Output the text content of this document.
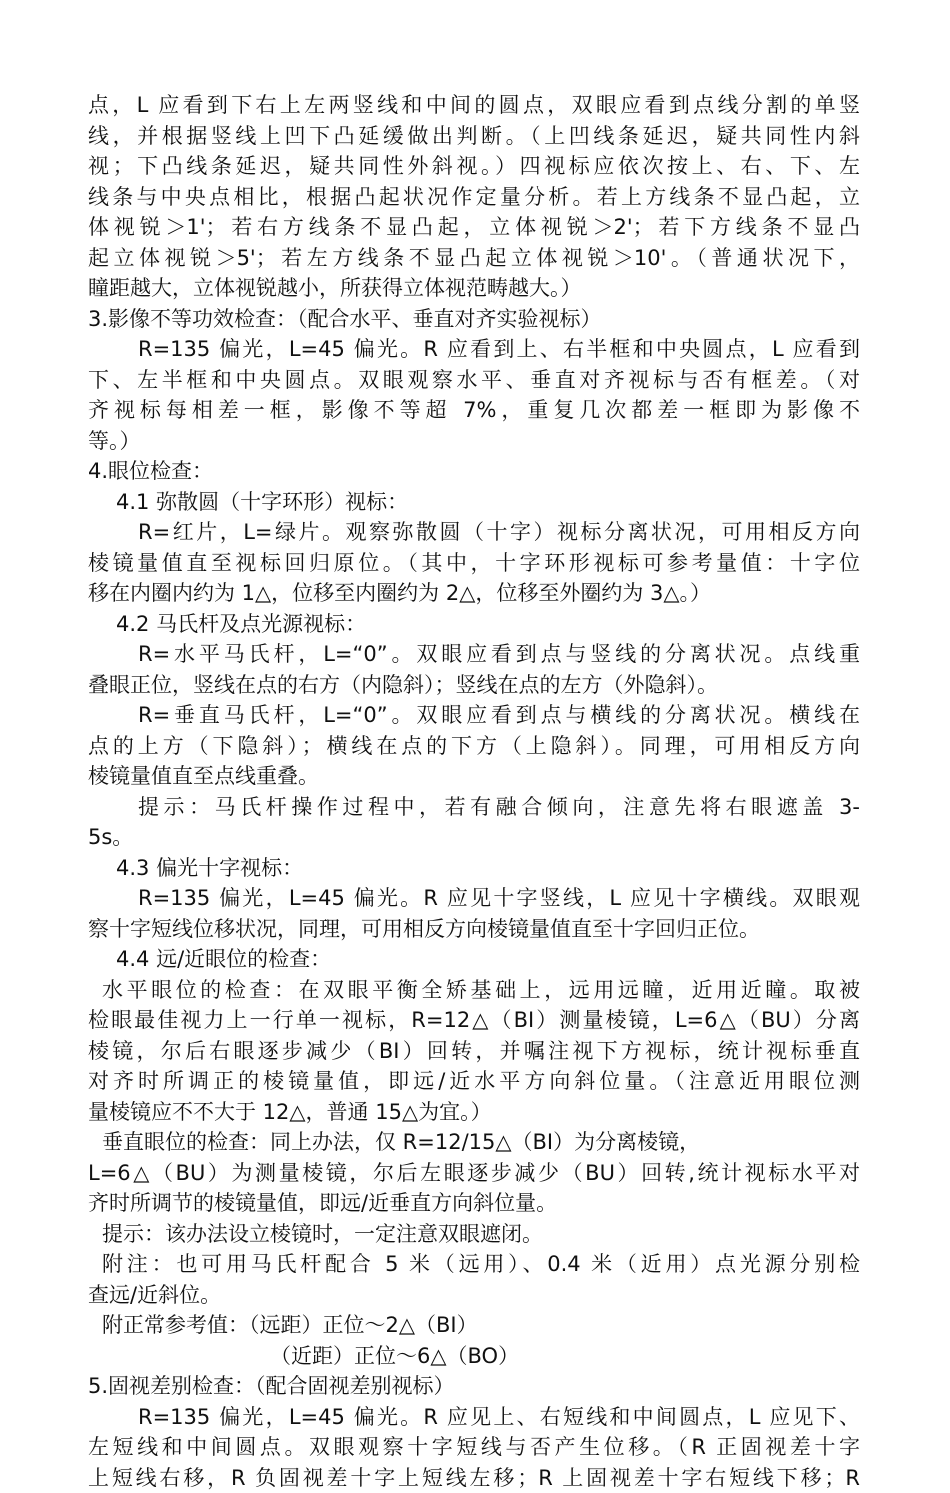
点，L 应看到下右上左两竖线和中间的圆点，双眼应看到点线分割的单竖
线，并根据竖线上凹下凸延缓做出判断。（上凹线条延迟，疑共同性内斜
视；下凸线条延迟，疑共同性外斜视。）四视标应依次按上、右、下、左
线条与中央点相比，根据凸起状况作定量分析。若上方线条不显凸起，立
体视锐＞1'；若右方线条不显凸起，立体视锐＞2'；若下方线条不显凸
起立体视锐＞5'；若左方线条不显凸起立体视锐＞10'。（普通状况下，
瞳距越大，立体视锐越小，所获得立体视范畴越大。）
3.影像不等功效检查：（配合水平、垂直对齐实验视标）
R=135 偏光，L=45 偏光。R 应看到上、右半框和中央圆点，L 应看到
下、左半框和中央圆点。双眼观察水平、垂直对齐视标与否有框差。（对
齐视标每相差一框，影像不等超 7%，重复几次都差一框即为影像不
等。）
4.眼位检查：
4.1 弥散圆（十字环形）视标：
R=红片，L=绿片。观察弥散圆（十字）视标分离状况，可用相反方向
棱镜量值直至视标回归原位。（其中，十字环形视标可参考量值：十字位
移在内圈内约为 1△，位移至内圈约为 2△，位移至外圈约为 3△。）
4.2 马氏杆及点光源视标：
R=水平马氏杆，L=“0”。双眼应看到点与竖线的分离状况。点线重
叠眼正位，竖线在点的右方（内隐斜）；竖线在点的左方（外隐斜）。
R=垂直马氏杆，L=“0”。双眼应看到点与横线的分离状况。横线在
点的上方（下隐斜）；横线在点的下方（上隐斜）。同理，可用相反方向
棱镜量值直至点线重叠。
提示：马氏杆操作过程中，若有融合倾向，注意先将右眼遮盖 3-
5s。
4.3 偏光十字视标：
R=135 偏光，L=45 偏光。R 应见十字竖线，L 应见十字横线。双眼观
察十字短线位移状况，同理，可用相反方向棱镜量值直至十字回归正位。
4.4 远/近眼位的检查：
水平眼位的检查：在双眼平衡全矫基础上，远用远瞳，近用近瞳。取被
检眼最佳视力上一行单一视标，R=12△（BI）测量棱镜，L=6△（BU）分离
棱镜，尔后右眼逐步减少（BI）回转，并嘱注视下方视标，统计视标垂直
对齐时所调正的棱镜量值，即远/近水平方向斜位量。（注意近用眼位测
量棱镜应不不大于 12△，普通 15△为宜。）
垂直眼位的检查：同上办法，仅 R=12/15△（BI）为分离棱镜，
L=6△（BU）为测量棱镜，尔后左眼逐步减少（BU）回转,统计视标水平对
齐时所调节的棱镜量值，即远/近垂直方向斜位量。
提示：该办法设立棱镜时，一定注意双眼遮闭。
附注：也可用马氏杆配合 5 米（远用）、0.4 米（近用）点光源分别检
查远/近斜位。
附正常参考值：（远距）正位～2△（BI）
（近距）正位～6△（BO）
5.固视差别检查：（配合固视差别视标）
R=135 偏光，L=45 偏光。R 应见上、右短线和中间圆点，L 应见下、
左短线和中间圆点。双眼观察十字短线与否产生位移。（R 正固视差十字
上短线右移，R 负固视差十字上短线左移；R 上固视差十字右短线下移；R
